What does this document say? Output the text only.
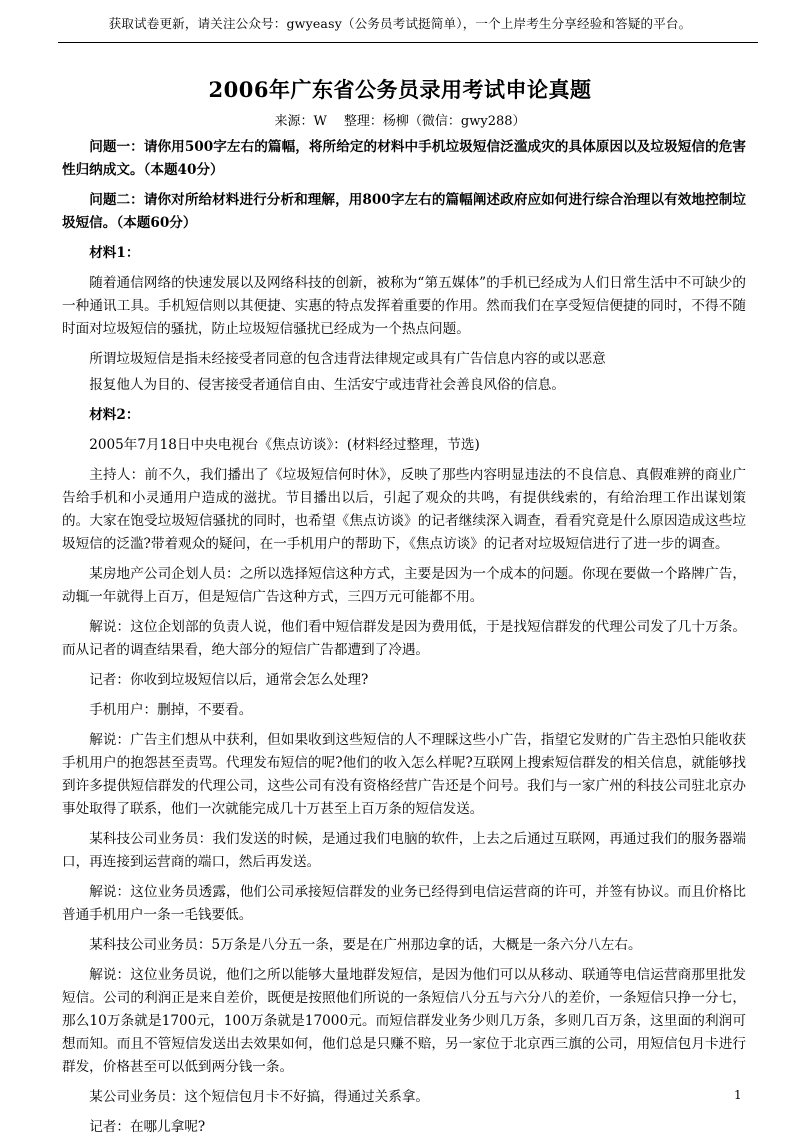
获取试卷更新，请关注公众号：gwyeasy（公务员考试挺简单），一个上岸考生分享经验和答疑的平台。
2006年广东省公务员录用考试申论真题
来源：W　 整理：杨柳（微信：gwy288）

问题一：请你用500字左右的篇幅，将所给定的材料中手机垃圾短信泛滥成灾的具体原因以及垃圾短信的危害性归纳成文。（本题40分）

问题二：请你对所给材料进行分析和理解，用800字左右的篇幅阐述政府应如何进行综合治理以有效地控制垃圾短信。（本题60分）

材料1：

随着通信网络的快速发展以及网络科技的创新，被称为“第五媒体”的手机已经成为人们日常生活中不可缺少的一种通讯工具。手机短信则以其便捷、实惠的特点发挥着重要的作用。然而我们在享受短信便捷的同时，不得不随时面对垃圾短信的骚扰，防止垃圾短信骚扰已经成为一个热点问题。

所谓垃圾短信是指未经接受者同意的包含违背法律规定或具有广告信息内容的或以恶意

报复他人为目的、侵害接受者通信自由、生活安宁或违背社会善良风俗的信息。

材料2：

2005年7月18日中央电视台《焦点访谈》：(材料经过整理，节选)

主持人：前不久，我们播出了《垃圾短信何时休》，反映了那些内容明显违法的不良信息、真假难辨的商业广告给手机和小灵通用户造成的滋扰。节目播出以后，引起了观众的共鸣，有提供线索的，有给治理工作出谋划策的。大家在饱受垃圾短信骚扰的同时，也希望《焦点访谈》的记者继续深入调查，看看究竟是什么原因造成这些垃圾短信的泛滥?带着观众的疑问，在一手机用户的帮助下，《焦点访谈》的记者对垃圾短信进行了进一步的调查。

某房地产公司企划人员：之所以选择短信这种方式，主要是因为一个成本的问题。你现在要做一个路牌广告，动辄一年就得上百万，但是短信广告这种方式，三四万元可能都不用。

解说：这位企划部的负责人说，他们看中短信群发是因为费用低，于是找短信群发的代理公司发了几十万条。而从记者的调查结果看，绝大部分的短信广告都遭到了冷遇。

记者：你收到垃圾短信以后，通常会怎么处理?

手机用户：删掉，不要看。

解说：广告主们想从中获利，但如果收到这些短信的人不理睬这些小广告，指望它发财的广告主恐怕只能收获手机用户的抱怨甚至责骂。代理发布短信的呢?他们的收入怎么样呢?互联网上搜索短信群发的相关信息，就能够找到许多提供短信群发的代理公司，这些公司有没有资格经营广告还是个问号。我们与一家广州的科技公司驻北京办事处取得了联系，他们一次就能完成几十万甚至上百万条的短信发送。

某科技公司业务员：我们发送的时候，是通过我们电脑的软件，上去之后通过互联网，再通过我们的服务器端口，再连接到运营商的端口，然后再发送。

解说：这位业务员透露，他们公司承接短信群发的业务已经得到电信运营商的许可，并签有协议。而且价格比普通手机用户一条一毛钱要低。

某科技公司业务员：5万条是八分五一条，要是在广州那边拿的话，大概是一条六分八左右。

解说：这位业务员说，他们之所以能够大量地群发短信，是因为他们可以从移动、联通等电信运营商那里批发短信。公司的利润正是来自差价，既便是按照他们所说的一条短信八分五与六分八的差价，一条短信只挣一分七，那么10万条就是1700元，100万条就是17000元。而短信群发业务少则几万条，多则几百万条，这里面的利润可想而知。而且不管短信发送出去效果如何，他们总是只赚不赔，另一家位于北京西三旗的公司，用短信包月卡进行群发，价格甚至可以低到两分钱一条。

某公司业务员：这个短信包月卡不好搞，得通过关系拿。

记者：在哪儿拿呢?

1
